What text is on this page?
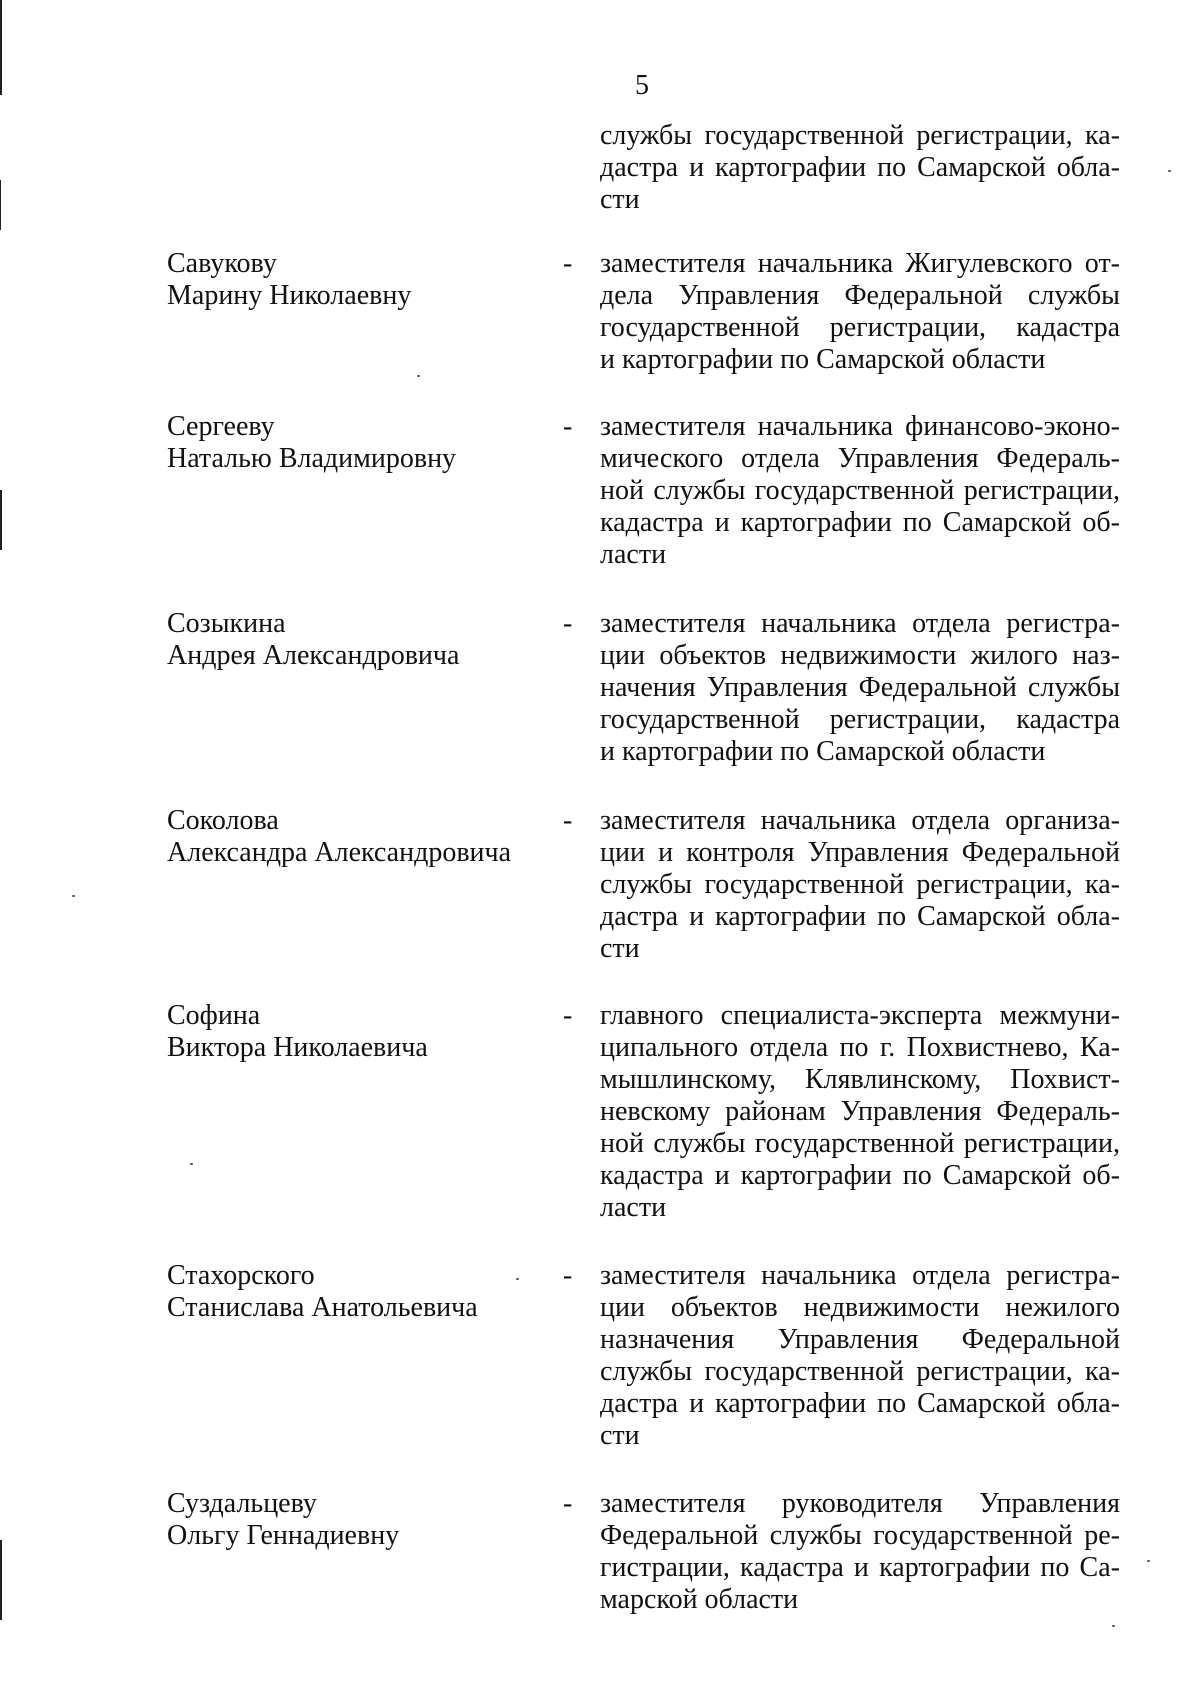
5
службы государственной регистрации, ка-
дастра и картографии по Самарской обла-
сти
Савукову
Марину Николаевну
- заместителя начальника Жигулевского от-
дела Управления Федеральной службы
государственной регистрации, кадастра
и картографии по Самарской области
Сергееву
Наталью Владимировну
- заместителя начальника финансово-эконо-
мического отдела Управления Федераль-
ной службы государственной регистрации,
кадастра и картографии по Самарской об-
ласти
Созыкина
Андрея Александровича
- заместителя начальника отдела регистра-
ции объектов недвижимости жилого наз-
начения Управления Федеральной службы
государственной регистрации, кадастра
и картографии по Самарской области
Соколова
Александра Александровича
- заместителя начальника отдела организа-
ции и контроля Управления Федеральной
службы государственной регистрации, ка-
дастра и картографии по Самарской обла-
сти
Софина
Виктора Николаевича
- главного специалиста-эксперта межмуни-
ципального отдела по г. Похвистнево, Ка-
мышлинскому, Клявлинскому, Похвист-
невскому районам Управления Федераль-
ной службы государственной регистрации,
кадастра и картографии по Самарской об-
ласти
Стахорского
Станислава Анатольевича
- заместителя начальника отдела регистра-
ции объектов недвижимости нежилого
назначения Управления Федеральной
службы государственной регистрации, ка-
дастра и картографии по Самарской обла-
сти
Суздальцеву
Ольгу Геннадиевну
- заместителя руководителя Управления
Федеральной службы государственной ре-
гистрации, кадастра и картографии по Са-
марской области
